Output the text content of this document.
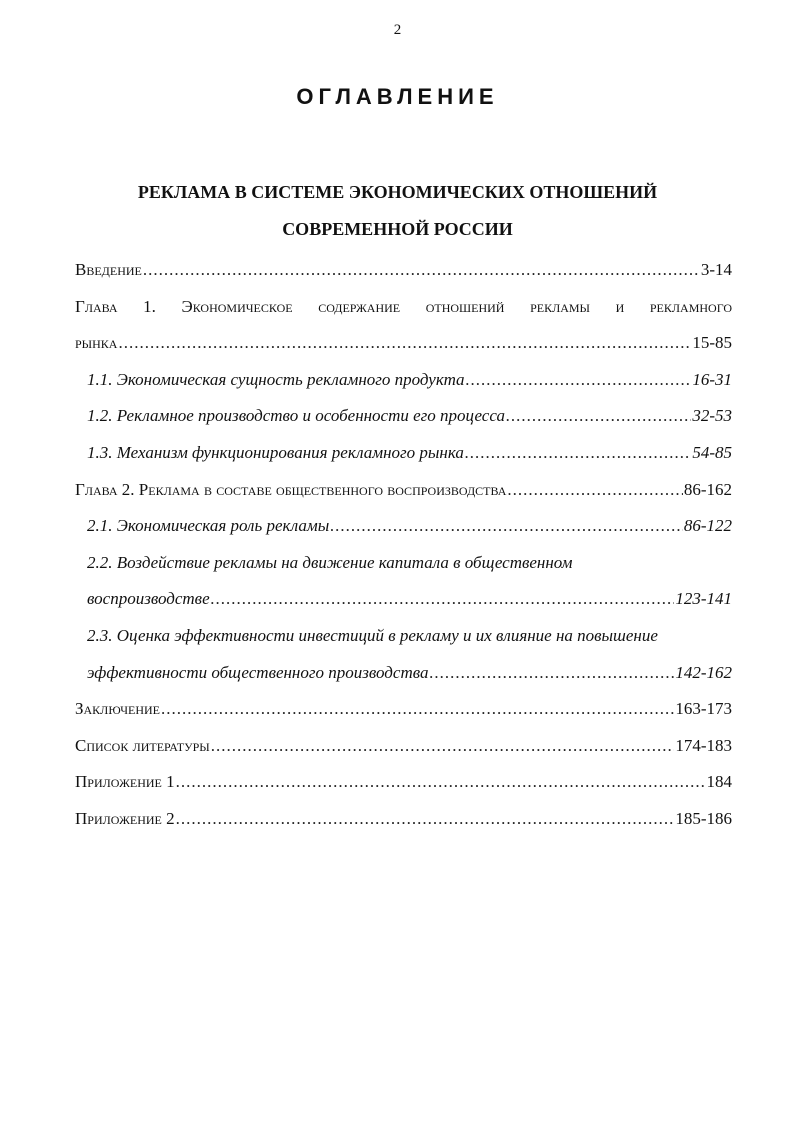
2
ОГЛАВЛЕНИЕ
РЕКЛАМА В СИСТЕМЕ ЭКОНОМИЧЕСКИХ ОТНОШЕНИЙ
СОВРЕМЕННОЙ РОССИИ
Введение .....	3-14
Глава 1. Экономическое содержание отношений рекламы и рекламного
рынка .....	15-85
1.1. Экономическая сущность рекламного продукта .....	16-31
1.2. Рекламное производство и особенности его процесса .....	32-53
1.3. Механизм функционирования рекламного рынка .....	54-85
Глава 2. Реклама в составе общественного воспроизводства .....	86-162
2.1. Экономическая роль рекламы .....	86-122
2.2. Воздействие рекламы на движение капитала в общественном
воспроизводстве .....	123-141
2.3. Оценка эффективности инвестиций в рекламу и их влияние на повышение
эффективности общественного производства .....	142-162
Заключение .....	163-173
Список литературы .....	174-183
Приложение 1 .....	184
Приложение 2 .....	185-186
